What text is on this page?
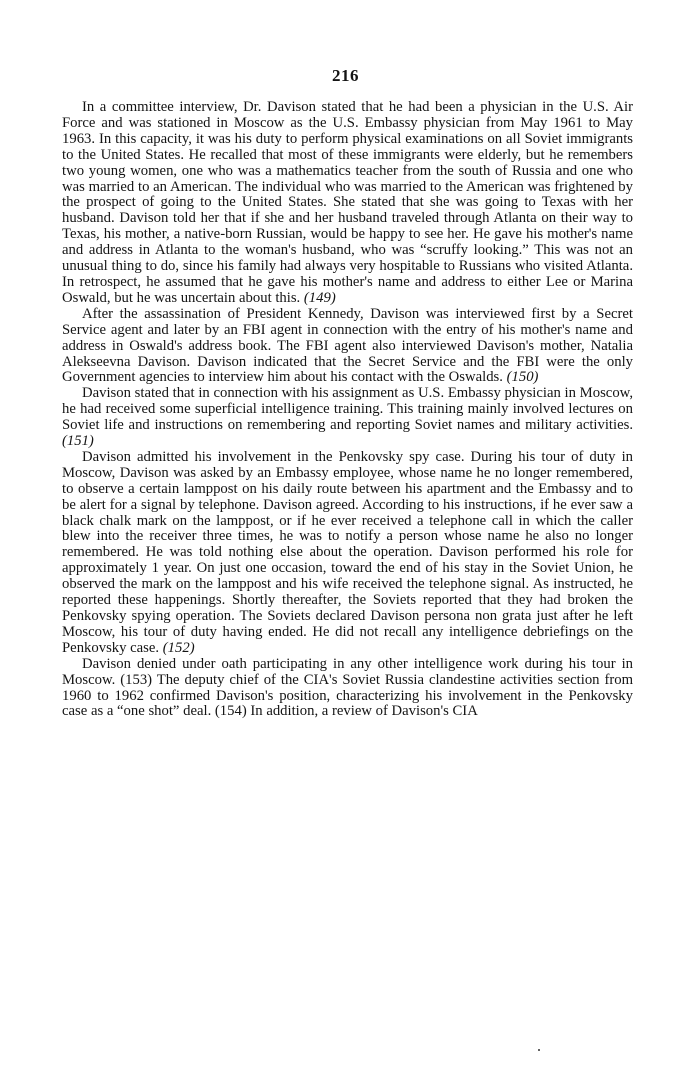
216

In a committee interview, Dr. Davison stated that he had been a physician in the U.S. Air Force and was stationed in Moscow as the U.S. Embassy physician from May 1961 to May 1963. In this capacity, it was his duty to perform physical examinations on all Soviet immigrants to the United States. He recalled that most of these immigrants were elderly, but he remembers two young women, one who was a mathematics teacher from the south of Russia and one who was married to an American. The individual who was married to the American was frightened by the prospect of going to the United States. She stated that she was going to Texas with her husband. Davison told her that if she and her husband traveled through Atlanta on their way to Texas, his mother, a native-born Russian, would be happy to see her. He gave his mother's name and address in Atlanta to the woman's husband, who was “scruffy looking.” This was not an unusual thing to do, since his family had always very hospitable to Russians who visited Atlanta. In retrospect, he assumed that he gave his mother's name and address to either Lee or Marina Oswald, but he was uncertain about this. (149)

After the assassination of President Kennedy, Davison was interviewed first by a Secret Service agent and later by an FBI agent in connection with the entry of his mother's name and address in Oswald's address book. The FBI agent also interviewed Davison's mother, Natalia Alekseevna Davison. Davison indicated that the Secret Service and the FBI were the only Government agencies to interview him about his contact with the Oswalds. (150)

Davison stated that in connection with his assignment as U.S. Embassy physician in Moscow, he had received some superficial intelligence training. This training mainly involved lectures on Soviet life and instructions on remembering and reporting Soviet names and military activities. (151)

Davison admitted his involvement in the Penkovsky spy case. During his tour of duty in Moscow, Davison was asked by an Embassy employee, whose name he no longer remembered, to observe a certain lamppost on his daily route between his apartment and the Embassy and to be alert for a signal by telephone. Davison agreed. According to his instructions, if he ever saw a black chalk mark on the lamppost, or if he ever received a telephone call in which the caller blew into the receiver three times, he was to notify a person whose name he also no longer remembered. He was told nothing else about the operation. Davison performed his role for approximately 1 year. On just one occasion, toward the end of his stay in the Soviet Union, he observed the mark on the lamppost and his wife received the telephone signal. As instructed, he reported these happenings. Shortly thereafter, the Soviets reported that they had broken the Penkovsky spying operation. The Soviets declared Davison persona non grata just after he left Moscow, his tour of duty having ended. He did not recall any intelligence debriefings on the Penkovsky case. (152)

Davison denied under oath participating in any other intelligence work during his tour in Moscow. (153) The deputy chief of the CIA's Soviet Russia clandestine activities section from 1960 to 1962 confirmed Davison's position, characterizing his involvement in the Penkovsky case as a “one shot” deal. (154) In addition, a review of Davison's CIA
